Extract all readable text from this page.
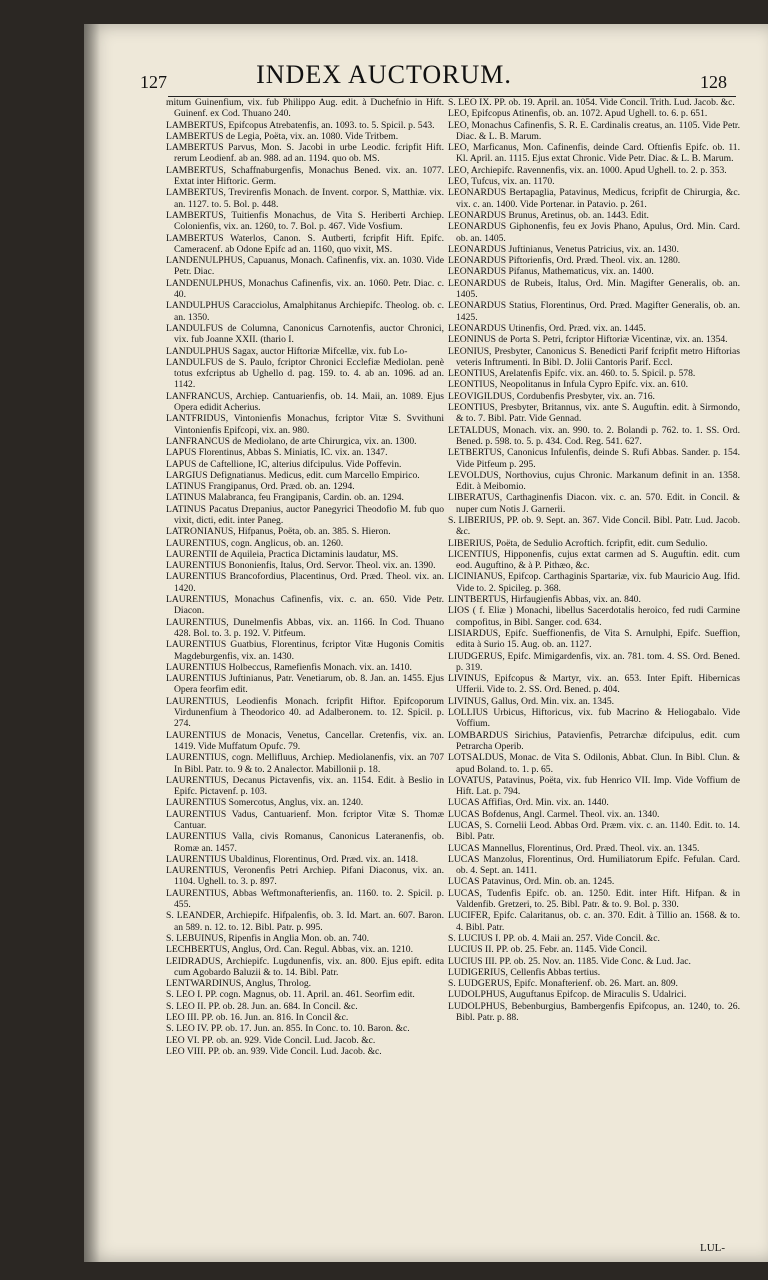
127	INDEX AUCTORUM.	128

mitum Guinenfium, vix. fub Philippo Aug. edit. à Duchefnio in Hift. Guinenf. ex Cod. Thuano 240.

LAMBERTUS, Epifcopus Atrebatenfis, an. 1093. to. 5. Spicil. p. 543.

LAMBERTUS de Legia, Poëta, vix. an. 1080. Vide Tritbem.

LAMBERTUS Parvus, Mon. S. Jacobi in urbe Leodic. fcripfit Hift. rerum Leodienf. ab an. 988. ad an. 1194. quo ob. MS.

LAMBERTUS, Schaffnaburgenfis, Monachus Bened. vix. an. 1077. Extat inter Hiftoric. Germ.

LAMBERTUS, Trevirenfis Monach. de Invent. corpor. S, Matthiæ. vix. an. 1127. to. 5. Bol. p. 448.

LAMBERTUS, Tuitienfis Monachus, de Vita S. Heriberti Archiep. Colonienfis, vix. an. 1260, to. 7. Bol. p. 467. Vide Vosfium.

LAMBERTUS Waterlos, Canon. S. Autberti, fcripfit Hift. Epifc. Cameracenf. ab Odone Epifc ad an. 1160, quo vixit, MS.

LANDENULPHUS, Capuanus, Monach. Cafinenfis, vix. an. 1030. Vide Petr. Diac.

LANDENULPHUS, Monachus Cafinenfis, vix. an. 1060. Petr. Diac. c. 40.

LANDULPHUS Caracciolus, Amalphitanus Archiepifc. Theolog. ob. c. an. 1350.

LANDULFUS de Columna, Canonicus Carnotenfis, auctor Chronici, vix. fub Joanne XXII. (thario I.

LANDULPHUS Sagax, auctor Hiftoriæ Mifcellæ, vix. fub Lo-

LANDULFUS de S. Paulo, fcriptor Chronici Ecclefiæ Mediolan. penè totus exfcriptus ab Ughello d. pag. 159. to. 4. ab an. 1096. ad an. 1142.

LANFRANCUS, Archiep. Cantuarienfis, ob. 14. Maii, an. 1089. Ejus Opera edidit Acherius.

LANTFRIDUS, Vintonienfis Monachus, fcriptor Vitæ S. Svvithuni Vintonienfis Epifcopi, vix. an. 980.

LANFRANCUS de Mediolano, de arte Chirurgica, vix. an. 1300.

LAPUS Florentinus, Abbas S. Miniatis, IC. vix. an. 1347.

LAPUS de Caftellione, IC, alterius difcipulus. Vide Poffevin.

LARGIUS Defignatianus. Medicus, edit. cum Marcello Empirico.

LATINUS Frangipanus, Ord. Præd. ob. an. 1294.

LATINUS Malabranca, feu Frangipanis, Cardin. ob. an. 1294.

LATINUS Pacatus Drepanius, auctor Panegyrici Theodofio M. fub quo vixit, dicti, edit. inter Paneg.

LATRONIANUS, Hifpanus, Poëta, ob. an. 385. S. Hieron.

LAURENTIUS, cogn. Anglicus, ob. an. 1260.

LAURENTII de Aquileia, Practica Dictaminis laudatur, MS.

LAURENTIUS Bononienfis, Italus, Ord. Servor. Theol. vix. an. 1390.

LAURENTIUS Brancofordius, Placentinus, Ord. Præd. Theol. vix. an. 1420.

LAURENTIUS, Monachus Cafinenfis, vix. c. an. 650. Vide Petr. Diacon.

LAURENTIUS, Dunelmenfis Abbas, vix. an. 1166. In Cod. Thuano 428. Bol. to. 3. p. 192. V. Pitfeum.

LAURENTIUS Guatbius, Florentinus, fcriptor Vitæ Hugonis Comitis Magdeburgenfis, vix. an. 1430.

LAURENTIUS Holbeccus, Ramefienfis Monach. vix. an. 1410.

LAURENTIUS Juftinianus, Patr. Venetiarum, ob. 8. Jan. an. 1455. Ejus Opera feorfim edit.

LAURENTIUS, Leodienfis Monach. fcripfit Hiftor. Epifcoporum Virdunenfium à Theodorico 40. ad Adalberonem. to. 12. Spicil. p. 274.

LAURENTIUS de Monacis, Venetus, Cancellar. Cretenfis, vix. an. 1419. Vide Muffatum Opufc. 79.

LAURENTIUS, cogn. Mellifluus, Archiep. Mediolanenfis, vix. an 707 In Bibl. Patr. to. 9 & to. 2 Analector. Mabillonii p. 18.

LAURENTIUS, Decanus Pictavenfis, vix. an. 1154. Edit. à Beslio in Epifc. Pictavenf. p. 103.

LAURENTIUS Somercotus, Anglus, vix. an. 1240.

LAURENTIUS Vadus, Cantuarienf. Mon. fcriptor Vitæ S. Thomæ Cantuar.

LAURENTIUS Valla, civis Romanus, Canonicus Lateranenfis, ob. Romæ an. 1457.

LAURENTIUS Ubaldinus, Florentinus, Ord. Præd. vix. an. 1418.

LAURENTIUS, Veronenfis Petri Archiep. Pifani Diaconus, vix. an. 1104. Ughell. to. 3. p. 897.

LAURENTIUS, Abbas Weftmonafterienfis, an. 1160. to. 2. Spicil. p. 455.

S. LEANDER, Archiepifc. Hifpalenfis, ob. 3. Id. Mart. an. 607. Baron. an 589. n. 12. to. 12. Bibl. Patr. p. 995.

S. LEBUINUS, Ripenfis in Anglia Mon. ob. an. 740.

LECHBERTUS, Anglus, Ord. Can. Regul. Abbas, vix. an. 1210.

LEIDRADUS, Archiepifc. Lugdunenfis, vix. an. 800. Ejus epift. edita cum Agobardo Baluzii & to. 14. Bibl. Patr.

LENTWARDINUS, Anglus, Throlog.

S. LEO I. PP. cogn. Magnus, ob. 11. April. an. 461. Seorfim edit.

S. LEO II. PP. ob. 28. Jun. an. 684. In Concil. &c.

LEO III. PP. ob. 16. Jun. an. 816. In Concil &c.

S. LEO IV. PP. ob. 17. Jun. an. 855. In Conc. to. 10. Baron. &c.

LEO VI. PP. ob. an. 929. Vide Concil. Lud. Jacob. &c.

LEO VIII. PP. ob. an. 939. Vide Concil. Lud. Jacob. &c.

S. LEO IX. PP. ob. 19. April. an. 1054. Vide Concil. Trith. Lud. Jacob. &c.

LEO, Epifcopus Atinenfis, ob. an. 1072. Apud Ughell. to. 6. p. 651.

LEO, Monachus Cafinenfis, S. R. E. Cardinalis creatus, an. 1105. Vide Petr. Diac. & L. B. Marum.

LEO, Marficanus, Mon. Cafinenfis, deinde Card. Oftienfis Epifc. ob. 11. Kl. April. an. 1115. Ejus extat Chronic. Vide Petr. Diac. & L. B. Marum.

LEO, Archiepifc. Ravennenfis, vix. an. 1000. Apud Ughell. to. 2. p. 353.

LEO, Tufcus, vix. an. 1170.

LEONARDUS Bertapaglia, Patavinus, Medicus, fcripfit de Chirurgia, &c. vix. c. an. 1400. Vide Portenar. in Patavio. p. 261.

LEONARDUS Brunus, Aretinus, ob. an. 1443. Edit.

LEONARDUS Giphonenfis, feu ex Jovis Phano, Apulus, Ord. Min. Card. ob. an. 1405.

LEONARDUS Juftinianus, Venetus Patricius, vix. an. 1430.

LEONARDUS Piftorienfis, Ord. Præd. Theol. vix. an. 1280.

LEONARDUS Pifanus, Mathematicus, vix. an. 1400.

LEONARDUS de Rubeis, Italus, Ord. Min. Magifter Generalis, ob. an. 1405.

LEONARDUS Statius, Florentinus, Ord. Præd. Magifter Generalis, ob. an. 1425.

LEONARDUS Utinenfis, Ord. Præd. vix. an. 1445.

LEONINUS de Porta S. Petri, fcriptor Hiftoriæ Vicentinæ, vix. an. 1354.

LEONIUS, Presbyter, Canonicus S. Benedicti Parif fcripfit metro Hiftorias veteris Inftrumenti. In Bibl. D. Jolii Cantoris Parif. Eccl.

LEONTIUS, Arelatenfis Epifc. vix. an. 460. to. 5. Spicil. p. 578.

LEONTIUS, Neopolitanus in Infula Cypro Epifc. vix. an. 610.

LEOVIGILDUS, Cordubenfis Presbyter, vix. an. 716.

LEONTIUS, Presbyter, Britannus, vix. ante S. Auguftin. edit. à Sirmondo, & to. 7. Bibl. Patr. Vide Gennad.

LETALDUS, Monach. vix. an. 990. to. 2. Bolandi p. 762. to. 1. SS. Ord. Bened. p. 598. to. 5. p. 434. Cod. Reg. 541. 627.

LETBERTUS, Canonicus Infulenfis, deinde S. Rufi Abbas. Sander. p. 154. Vide Pitfeum p. 295.

LEVOLDUS, Northovius, cujus Chronic. Markanum definit in an. 1358. Edit. à Meibomio.

LIBERATUS, Carthaginenfis Diacon. vix. c. an. 570. Edit. in Concil. & nuper cum Notis J. Garnerii.

S. LIBERIUS, PP. ob. 9. Sept. an. 367. Vide Concil. Bibl. Patr. Lud. Jacob. &c.

LIBERIUS, Poëta, de Sedulio Acroftich. fcripfit, edit. cum Sedulio.

LICENTIUS, Hipponenfis, cujus extat carmen ad S. Auguftin. edit. cum eod. Auguftino, & à P. Pithæo, &c.

LICINIANUS, Epifcop. Carthaginis Spartariæ, vix. fub Mauricio Aug. Ifid. Vide to. 2. Spicileg. p. 368.

LINTBERTUS, Hirfaugienfis Abbas, vix. an. 840.

LIOS ( f. Eliæ ) Monachi, libellus Sacerdotalis heroico, fed rudi Carmine compofitus, in Bibl. Sanger. cod. 634.

LISIARDUS, Epifc. Sueffionenfis, de Vita S. Arnulphi, Epifc. Sueffion, edita à Surio 15. Aug. ob. an. 1127.

LIUDGERUS, Epifc. Mimigardenfis, vix. an. 781. tom. 4. SS. Ord. Bened. p. 319.

LIVINUS, Epifcopus & Martyr, vix. an. 653. Inter Epift. Hibernicas Ufferii. Vide to. 2. SS. Ord. Bened. p. 404.

LIVINUS, Gallus, Ord. Min. vix. an. 1345.

LOLLIUS Urbicus, Hiftoricus, vix. fub Macrino & Heliogabalo. Vide Voffium.

LOMBARDUS Sirichius, Patavienfis, Petrarchæ difcipulus, edit. cum Petrarcha Operib.

LOTSALDUS, Monac. de Vita S. Odilonis, Abbat. Clun. In Bibl. Clun. & apud Boland. to. 1. p. 65.

LOVATUS, Patavinus, Poëta, vix. fub Henrico VII. Imp. Vide Voffium de Hift. Lat. p. 794.

LUCAS Affifias, Ord. Min. vix. an. 1440.

LUCAS Bofdenus, Angl. Carmel. Theol. vix. an. 1340.

LUCAS, S. Cornelii Leod. Abbas Ord. Præm. vix. c. an. 1140. Edit. to. 14. Bibl. Patr.

LUCAS Mannellus, Florentinus, Ord. Præd. Theol. vix. an. 1345.

LUCAS Manzolus, Florentinus, Ord. Humiliatorum Epifc. Fefulan. Card. ob. 4. Sept. an. 1411.

LUCAS Patavinus, Ord. Min. ob. an. 1245.

LUCAS, Tudenfis Epifc. ob. an. 1250. Edit. inter Hift. Hifpan. & in Valdenfib. Gretzeri, to. 25. Bibl. Patr. & to. 9. Bol. p. 330.

LUCIFER, Epifc. Calaritanus, ob. c. an. 370. Edit. à Tillio an. 1568. & to. 4. Bibl. Patr.

S. LUCIUS I. PP. ob. 4. Maii an. 257. Vide Concil. &c.

LUCIUS II. PP. ob. 25. Febr. an. 1145. Vide Concil.

LUCIUS III. PP. ob. 25. Nov. an. 1185. Vide Conc. & Lud. Jac.

LUDIGERIUS, Cellenfis Abbas tertius.

S. LUDGERUS, Epifc. Monafterienf. ob. 26. Mart. an. 809.

LUDOLPHUS, Auguftanus Epifcop. de Miraculis S. Udalrici.

LUDOLPHUS, Bebenburgius, Bambergenfis Epifcopus, an. 1240, to. 26. Bibl. Patr. p. 88.

LUL-
